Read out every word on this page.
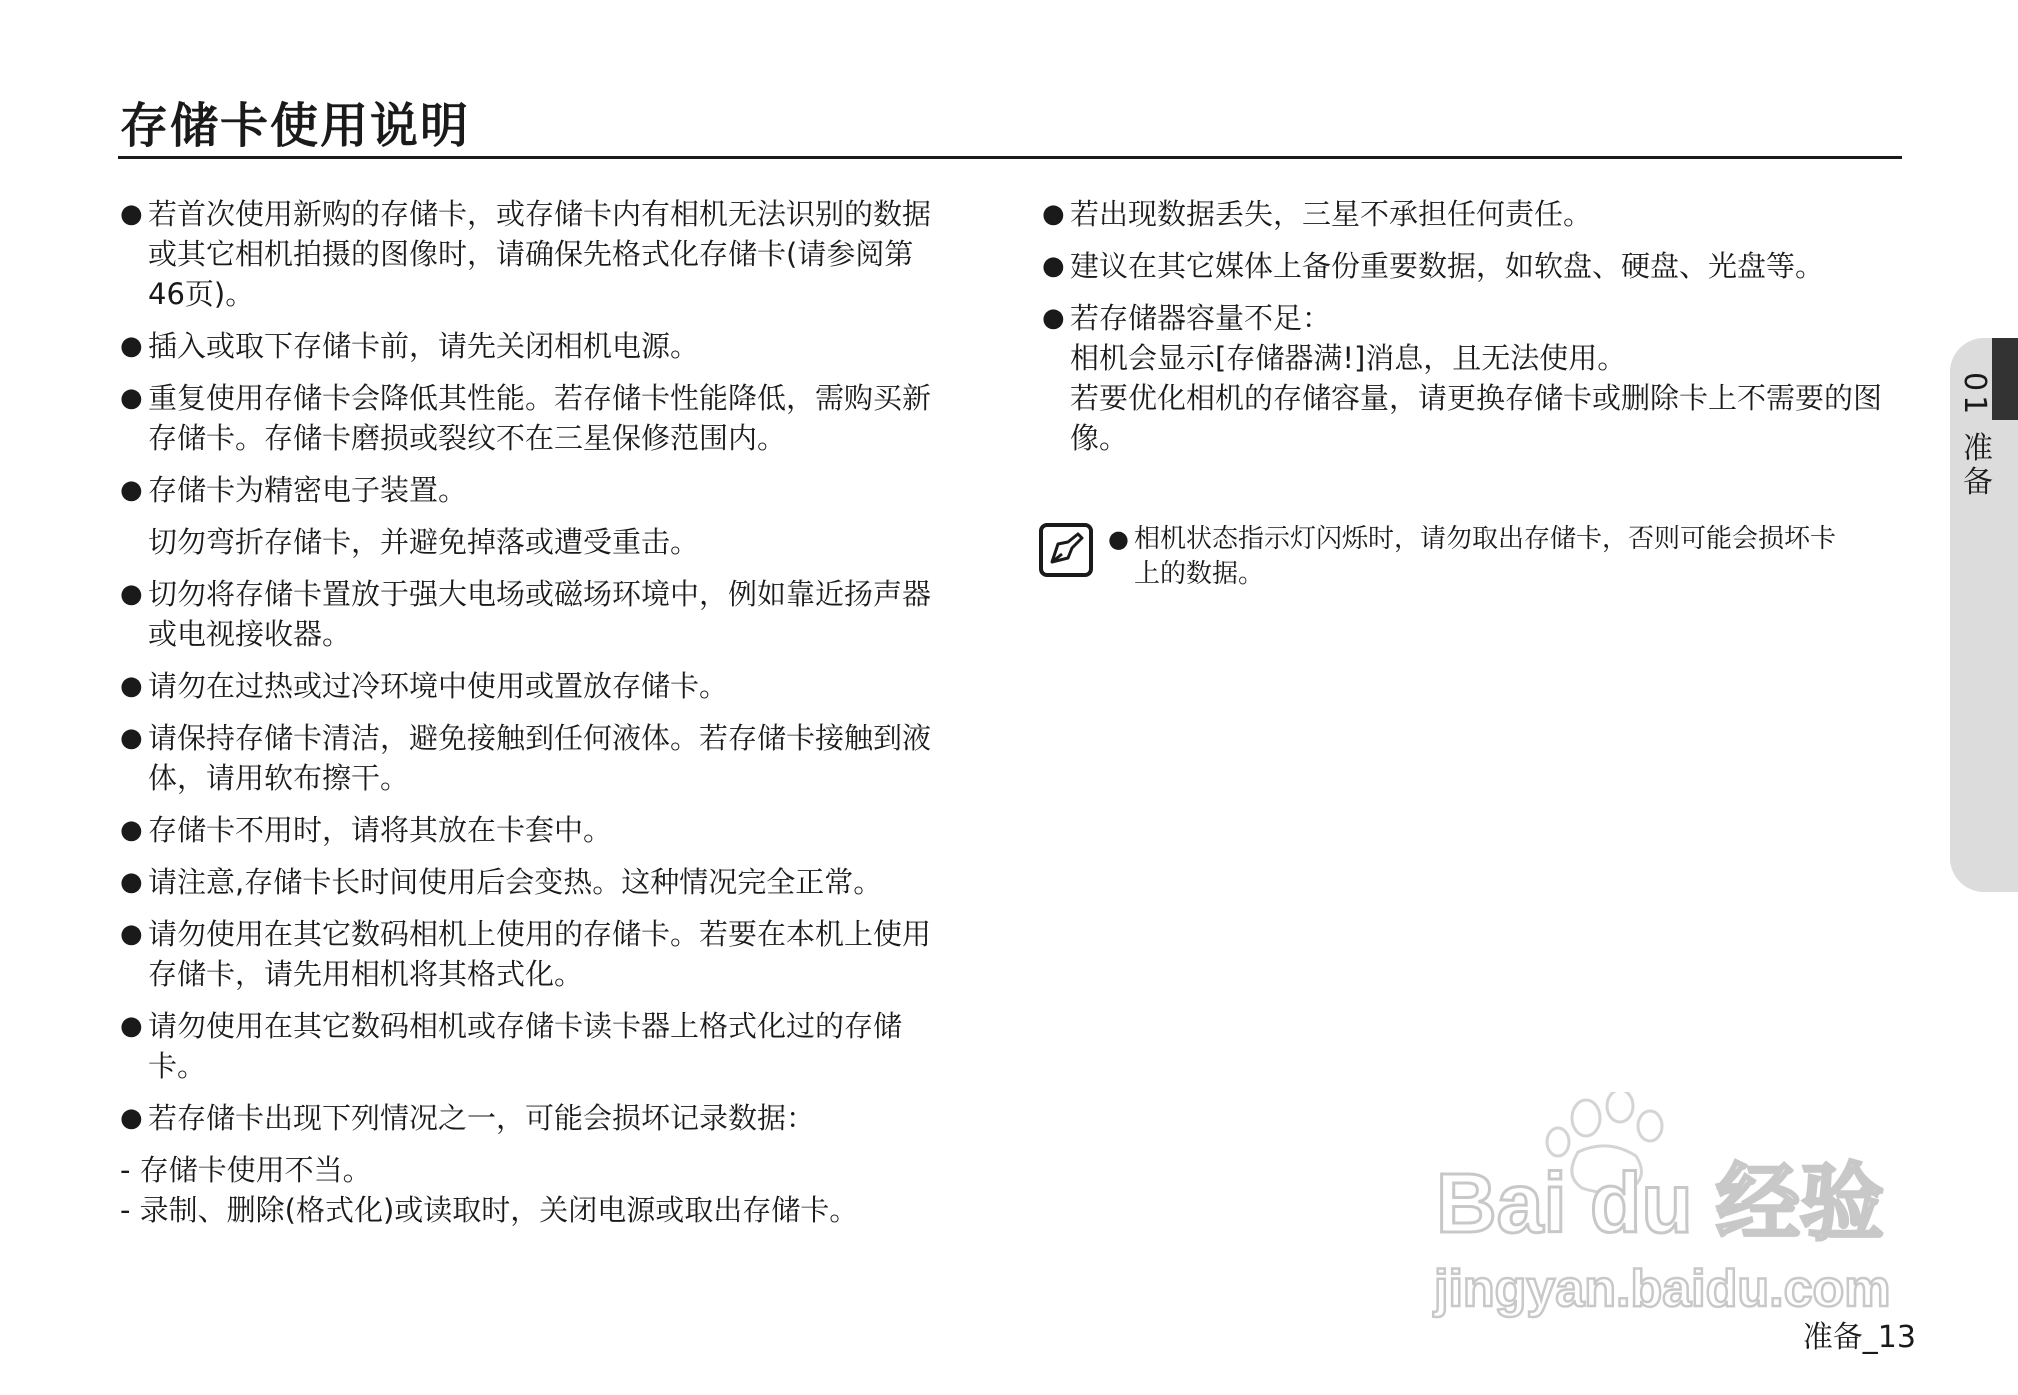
存储卡使用说明
● 若首次使用新购的存储卡，或存储卡内有相机无法识别的数据

或其它相机拍摄的图像时，请确保先格式化存储卡(请参阅第

46页)。

● 插入或取下存储卡前，请先关闭相机电源。

● 重复使用存储卡会降低其性能。若存储卡性能降低，需购买新

存储卡。存储卡磨损或裂纹不在三星保修范围内。

● 存储卡为精密电子装置。

切勿弯折存储卡，并避免掉落或遭受重击。

● 切勿将存储卡置放于强大电场或磁场环境中，例如靠近扬声器

或电视接收器。

● 请勿在过热或过冷环境中使用或置放存储卡。

● 请保持存储卡清洁，避免接触到任何液体。若存储卡接触到液

体，请用软布擦干。

● 存储卡不用时，请将其放在卡套中。

● 请注意,存储卡长时间使用后会变热。这种情况完全正常。

● 请勿使用在其它数码相机上使用的存储卡。若要在本机上使用

存储卡，请先用相机将其格式化。

● 请勿使用在其它数码相机或存储卡读卡器上格式化过的存储

卡。

● 若存储卡出现下列情况之一，可能会损坏记录数据：

- 存储卡使用不当。

- 录制、删除(格式化)或读取时，关闭电源或取出存储卡。

● 若出现数据丢失，三星不承担任何责任。

● 建议在其它媒体上备份重要数据，如软盘、硬盘、光盘等。

● 若存储器容量不足：

相机会显示[存储器满!]消息，且无法使用。

若要优化相机的存储容量，请更换存储卡或删除卡上不需要的图

像。

● 相机状态指示灯闪烁时，请勿取出存储卡，否则可能会损坏卡

上的数据。

01 准备
Bai du 经验
jingyan.baidu.com
准备_13
